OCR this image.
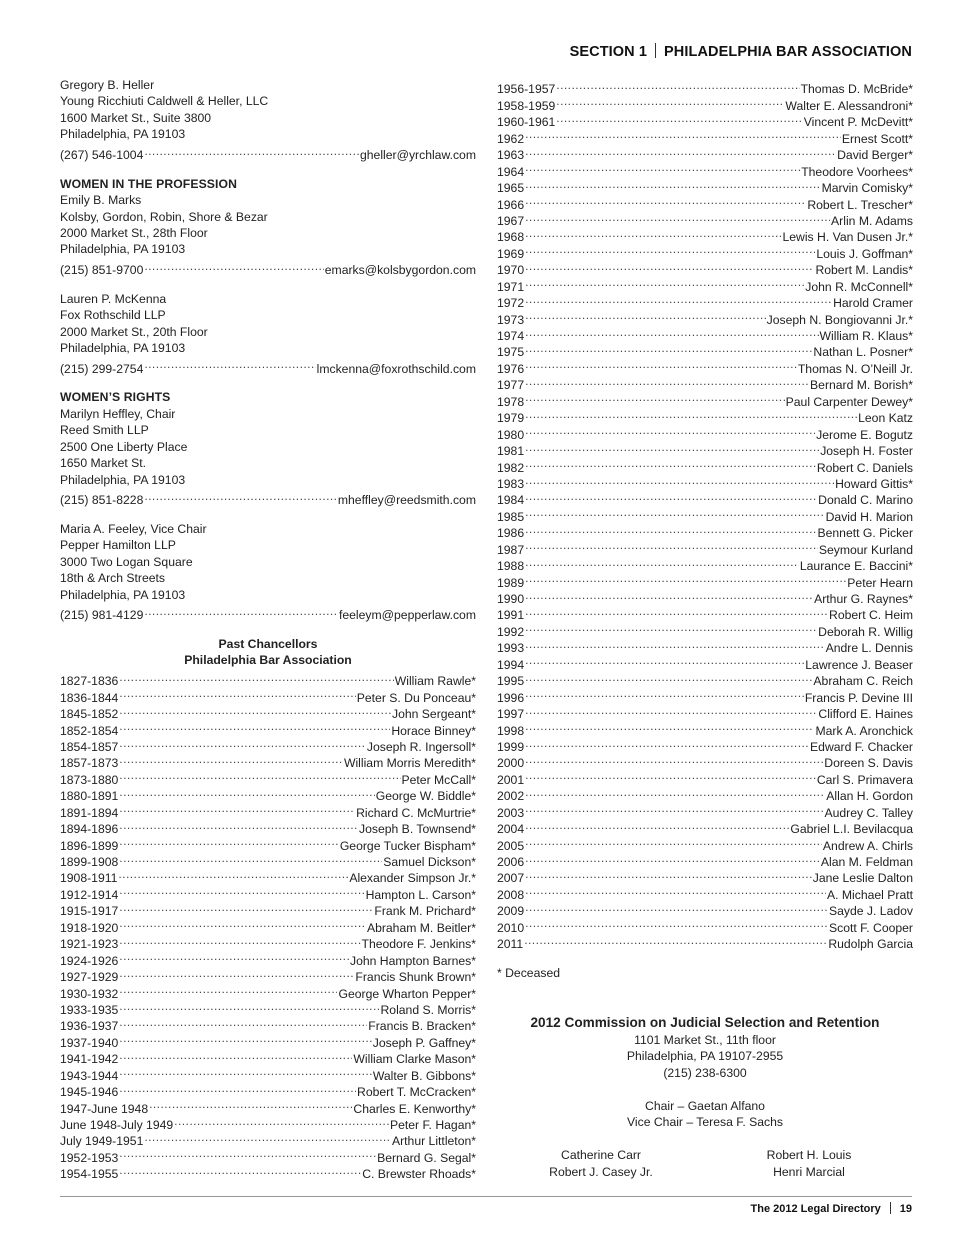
SECTION 1 PHILADELPHIA BAR ASSOCIATION
Gregory B. Heller
Young Ricchiuti Caldwell & Heller, LLC
1600 Market St., Suite 3800
Philadelphia, PA 19103
(267) 546-1004 .....	gheller@yrchlaw.com
WOMEN IN THE PROFESSION
Emily B. Marks
Kolsby, Gordon, Robin, Shore & Bezar
2000 Market St., 28th Floor
Philadelphia, PA 19103
(215) 851-9700 .....	emarks@kolsbygordon.com
Lauren P. McKenna
Fox Rothschild LLP
2000 Market St., 20th Floor
Philadelphia, PA 19103
(215) 299-2754 .....	lmckenna@foxrothschild.com
WOMEN’S RIGHTS
Marilyn Heffley, Chair
Reed Smith LLP
2500 One Liberty Place
1650 Market St.
Philadelphia, PA 19103
(215) 851-8228 .....	mheffley@reedsmith.com
Maria A. Feeley, Vice Chair
Pepper Hamilton LLP
3000 Two Logan Square
18th & Arch Streets
Philadelphia, PA 19103
(215) 981-4129 .....	feeleym@pepperlaw.com
Past Chancellors
Philadelphia Bar Association
1827-1836 .....	William Rawle*
1836-1844 .....	Peter S. Du Ponceau*
1845-1852 .....	John Sergeant*
1852-1854 .....	Horace Binney*
1854-1857 .....	Joseph R. Ingersoll*
1857-1873 .....	William Morris Meredith*
1873-1880 .....	Peter McCall*
1880-1891 .....	George W. Biddle*
1891-1894 .....	Richard C. McMurtrie*
1894-1896 .....	Joseph B. Townsend*
1896-1899 .....	George Tucker Bispham*
1899-1908 .....	Samuel Dickson*
1908-1911 .....	Alexander Simpson Jr.*
1912-1914 .....	Hampton L. Carson*
1915-1917 .....	Frank M. Prichard*
1918-1920 .....	Abraham M. Beitler*
1921-1923 .....	Theodore F. Jenkins*
1924-1926 .....	John Hampton Barnes*
1927-1929 .....	Francis Shunk Brown*
1930-1932 .....	George Wharton Pepper*
1933-1935 .....	Roland S. Morris*
1936-1937 .....	Francis B. Bracken*
1937-1940 .....	Joseph P. Gaffney*
1941-1942 .....	William Clarke Mason*
1943-1944 .....	Walter B. Gibbons*
1945-1946 .....	Robert T. McCracken*
1947-June 1948 .....	Charles E. Kenworthy*
June 1948-July 1949 .....	Peter F. Hagan*
July 1949-1951 .....	Arthur Littleton*
1952-1953 .....	Bernard G. Segal*
1954-1955 .....	C. Brewster Rhoads*
1956-1957 .....	Thomas D. McBride*
1958-1959 .....	Walter E. Alessandroni*
1960-1961 .....	Vincent P. McDevitt*
1962 .....	Ernest Scott*
1963 .....	David Berger*
1964 .....	Theodore Voorhees*
1965 .....	Marvin Comisky*
1966 .....	Robert L. Trescher*
1967 .....	Arlin M. Adams
1968 .....	Lewis H. Van Dusen Jr.*
1969 .....	Louis J. Goffman*
1970 .....	Robert M. Landis*
1971 .....	John R. McConnell*
1972 .....	Harold Cramer
1973 .....	Joseph N. Bongiovanni Jr.*
1974 .....	William R. Klaus*
1975 .....	Nathan L. Posner*
1976 .....	Thomas N. O’Neill Jr.
1977 .....	Bernard M. Borish*
1978 .....	Paul Carpenter Dewey*
1979 .....	Leon Katz
1980 .....	Jerome E. Bogutz
1981 .....	Joseph H. Foster
1982 .....	Robert C. Daniels
1983 .....	Howard Gittis*
1984 .....	Donald C. Marino
1985 .....	David H. Marion
1986 .....	Bennett G. Picker
1987 .....	Seymour Kurland
1988 .....	Laurance E. Baccini*
1989 .....	Peter Hearn
1990 .....	Arthur G. Raynes*
1991 .....	Robert C. Heim
1992 .....	Deborah R. Willig
1993 .....	Andre L. Dennis
1994 .....	Lawrence J. Beaser
1995 .....	Abraham C. Reich
1996 .....	Francis P. Devine III
1997 .....	Clifford E. Haines
1998 .....	Mark A. Aronchick
1999 .....	Edward F. Chacker
2000 .....	Doreen S. Davis
2001 .....	Carl S. Primavera
2002 .....	Allan H. Gordon
2003 .....	Audrey C. Talley
2004 .....	Gabriel L.I. Bevilacqua
2005 .....	Andrew A. Chirls
2006 .....	Alan M. Feldman
2007 .....	Jane Leslie Dalton
2008 .....	A. Michael Pratt
2009 .....	Sayde J. Ladov
2010 .....	Scott F. Cooper
2011 .....	Rudolph Garcia
* Deceased
2012 Commission on Judicial Selection and Retention
1101 Market St., 11th floor
Philadelphia, PA 19107-2955
(215) 238-6300
Chair – Gaetan Alfano
Vice Chair – Teresa F. Sachs
Catherine Carr
Robert J. Casey Jr.
Robert H. Louis
Henri Marcial
The 2012 Legal Directory 19
